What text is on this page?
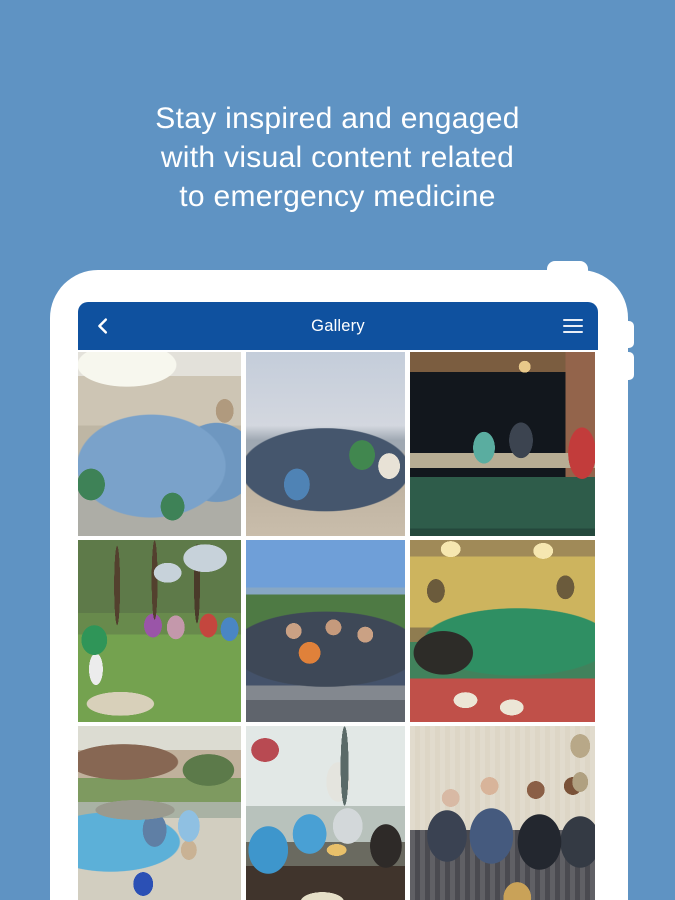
Stay inspired and engaged
with visual content related
to emergency medicine
Gallery
